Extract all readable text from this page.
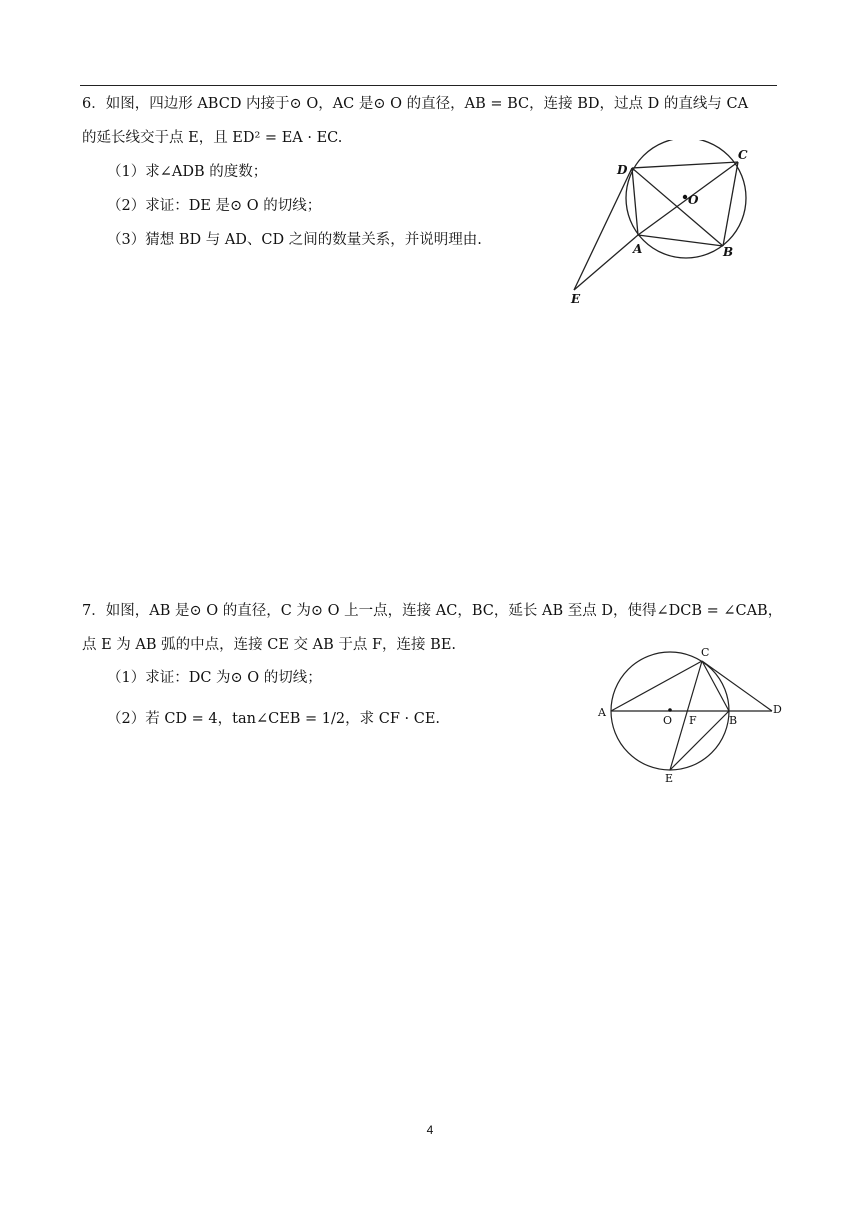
6．如图，四边形 ABCD 内接于⊙ O，AC 是⊙ O 的直径，AB = BC，连接 BD，过点 D 的直线与 CA
的延长线交于点 E，且 ED² = EA · EC.
（1）求∠ADB 的度数；
（2）求证：DE 是⊙ O 的切线；
（3）猜想 BD 与 AD、CD 之间的数量关系，并说明理由.
D
C
O
A	B
E
7．如图，AB 是⊙ O 的直径，C 为⊙ O 上一点，连接 AC，BC，延长 AB 至点 D，使得∠DCB = ∠CAB，
点 E 为 AB 弧的中点，连接 CE 交 AB 于点 F，连接 BE.
（1）求证：DC 为⊙ O 的切线；
（2）若 CD = 4，tan∠CEB = 1/2，求 CF · CE.	A
O F	B
D
C
E
4
